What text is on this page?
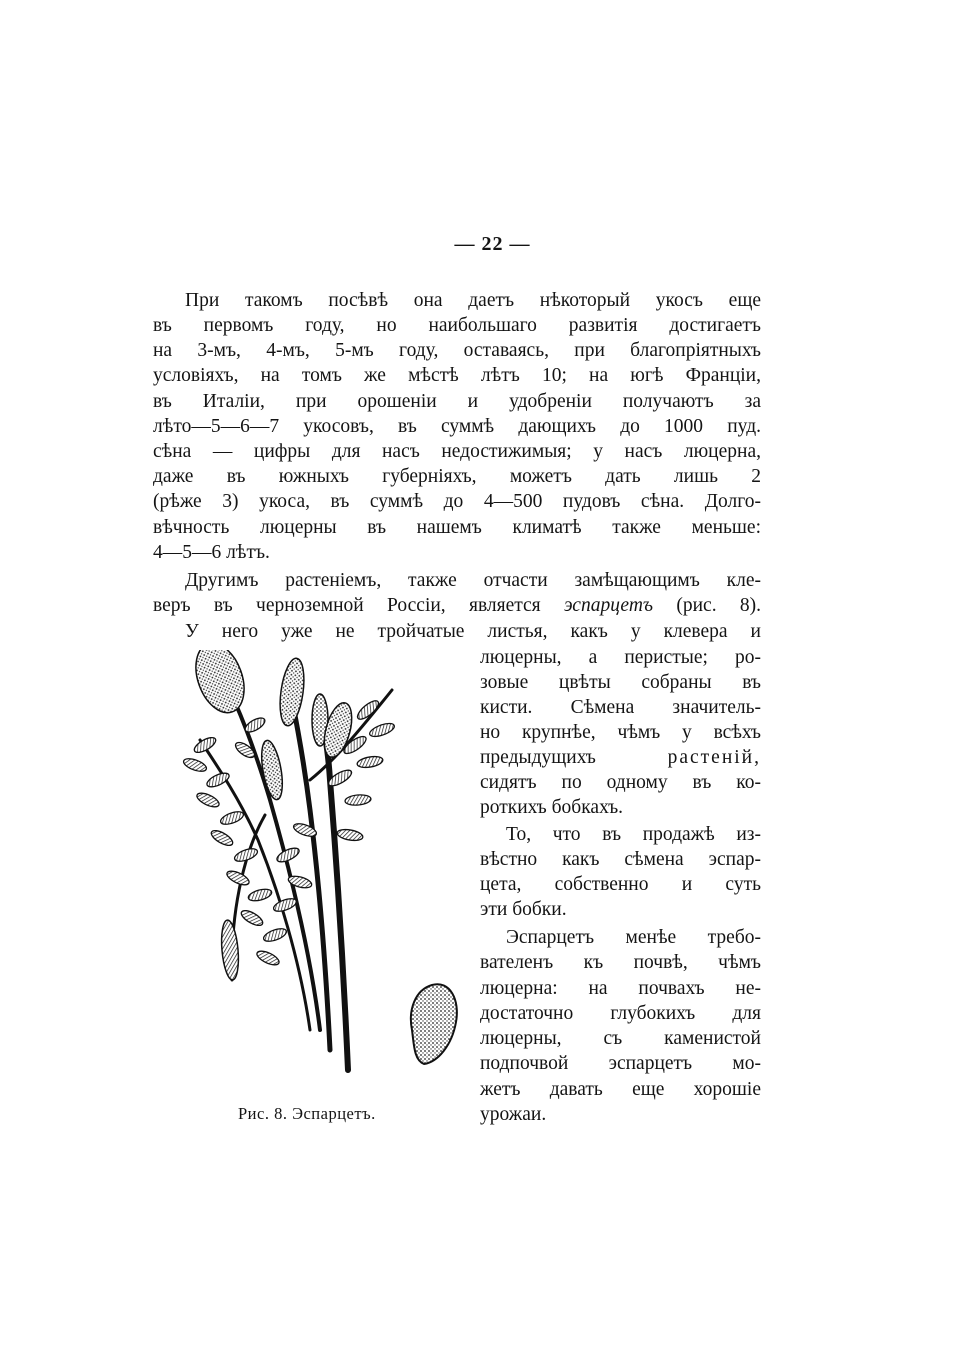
— 22 —
При такомъ посѣвѣ она даетъ нѣкоторый укосъ еще
въ первомъ году, но наибольшаго развитія достигаетъ
на 3-мъ, 4-мъ, 5-мъ году, оставаясь, при благопріятныхъ
условіяхъ, на томъ же мѣстѣ лѣтъ 10; на югѣ Франціи,
въ Италіи, при орошеніи и удобреніи получаютъ за
лѣто—5—6—7 укосовъ, въ суммѣ дающихъ до 1000 пуд.
сѣна — цифры для насъ недостижимыя; у насъ люцерна,
даже въ южныхъ губерніяхъ, можетъ дать лишь 2
(рѣже 3) укоса, въ суммѣ до 4—500 пудовъ сѣна. Долго-
вѣчность люцерны въ нашемъ климатѣ также меньше:
4—5—6 лѣтъ.
Другимъ растеніемъ, также отчасти замѣщающимъ кле-
веръ въ черноземной Россіи, является эспарцетъ (рис. 8).
У него уже не тройчатые листья, какъ у клевера и
люцерны, а перистые; ро-
зовые цвѣты собраны въ
кисти. Сѣмена значитель-
но крупнѣе, чѣмъ у всѣхъ
предыдущихъ	растеній,
сидятъ по одному въ ко-
роткихъ бобкахъ.
То, что въ продажѣ из-
вѣстно какъ сѣмена эспар-
цета, собственно и суть
эти бобки.
Эспарцетъ менѣе требо-
вателенъ къ почвѣ, чѣмъ
люцерна: на почвахъ не-
достаточно глубокихъ для
люцерны, съ каменистой
подпочвой эспарцетъ мо-
жетъ давать еще хорошіе
урожаи.
Рис. 8. Эспарцетъ.
